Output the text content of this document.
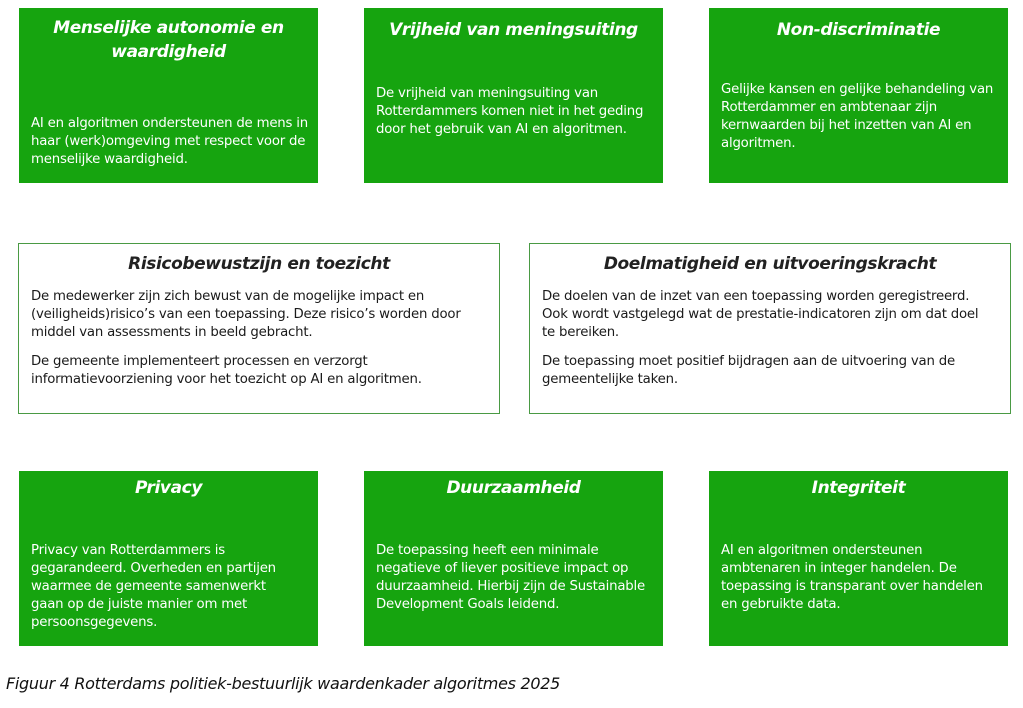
Menselijke autonomie en waardigheid
AI en algoritmen ondersteunen de mens in haar (werk)omgeving met respect voor de menselijke waardigheid.
Vrijheid van meningsuiting
De vrijheid van meningsuiting van Rotterdammers komen niet in het geding door het gebruik van AI en algoritmen.
Non-discriminatie
Gelijke kansen en gelijke behandeling van Rotterdammer en ambtenaar zijn kernwaarden bij het inzetten van AI en algoritmen.
Risicobewustzijn en toezicht

De medewerker zijn zich bewust van de mogelijke impact en (veiligheids)risico’s van een toepassing. Deze risico’s worden door middel van assessments in beeld gebracht.

De gemeente implementeert processen en verzorgt informatievoorziening voor het toezicht op AI en algoritmen.

Doelmatigheid en uitvoeringskracht

De doelen van de inzet van een toepassing worden geregistreerd. Ook wordt vastgelegd wat de prestatie-indicatoren zijn om dat doel te bereiken.

De toepassing moet positief bijdragen aan de uitvoering van de gemeentelijke taken.

Privacy
Privacy van Rotterdammers is gegarandeerd. Overheden en partijen waarmee de gemeente samenwerkt gaan op de juiste manier om met persoonsgegevens.
Duurzaamheid
De toepassing heeft een minimale negatieve of liever positieve impact op duurzaamheid. Hierbij zijn de Sustainable Development Goals leidend.
Integriteit
AI en algoritmen ondersteunen ambtenaren in integer handelen. De toepassing is transparant over handelen en gebruikte data.
Figuur 4 Rotterdams politiek-bestuurlijk waardenkader algoritmes 2025
